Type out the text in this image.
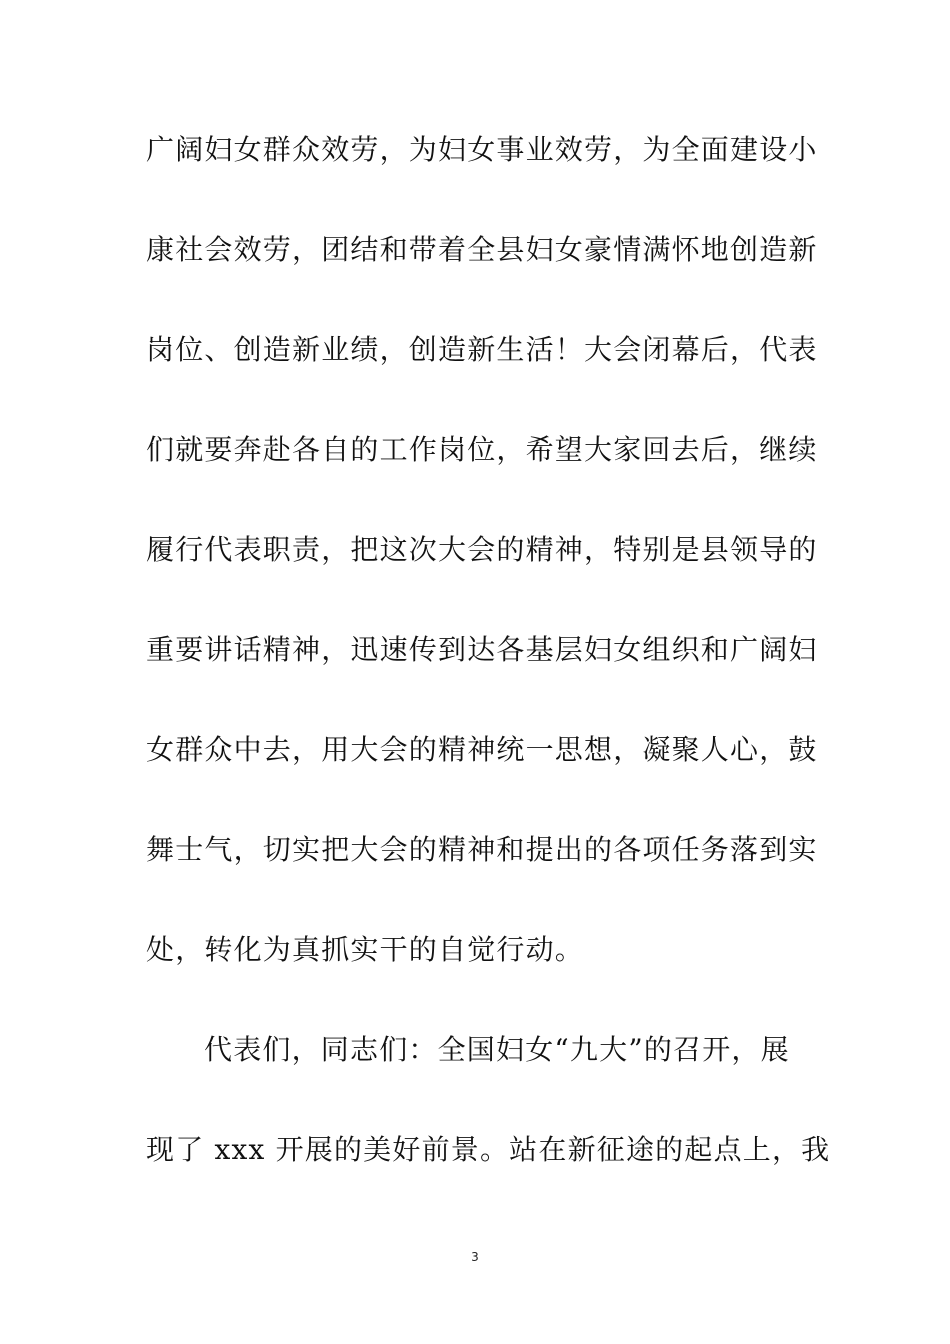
广阔妇女群众效劳，为妇女事业效劳，为全面建设小
康社会效劳，团结和带着全县妇女豪情满怀地创造新
岗位、创造新业绩，创造新生活！大会闭幕后，代表
们就要奔赴各自的工作岗位，希望大家回去后，继续
履行代表职责，把这次大会的精神，特别是县领导的
重要讲话精神，迅速传到达各基层妇女组织和广阔妇
女群众中去，用大会的精神统一思想，凝聚人心，鼓
舞士气，切实把大会的精神和提出的各项任务落到实
处，转化为真抓实干的自觉行动。
代表们，同志们：全国妇女“九大”的召开，展
现了 xxx 开展的美好前景。站在新征途的起点上，我
3
